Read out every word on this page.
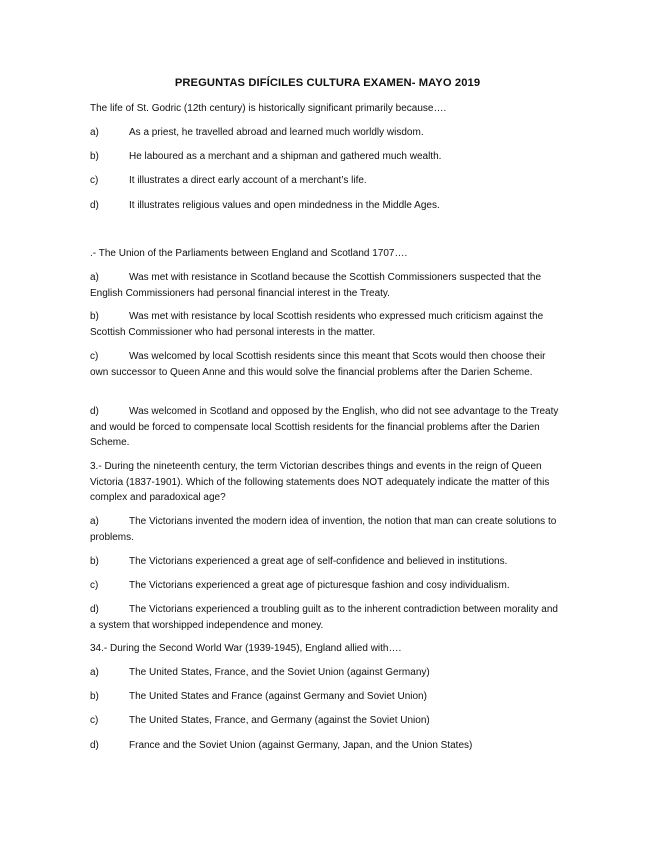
PREGUNTAS DIFÍCILES CULTURA EXAMEN- MAYO 2019
The life of St. Godric (12th century) is historically significant primarily because….
a)	As a priest, he travelled abroad and learned much worldly wisdom.
b)	He laboured as a merchant and a shipman and gathered much wealth.
c)	It illustrates a direct early account of a merchant’s life.
d)	It illustrates religious values and open mindedness in the Middle Ages.
.- The Union of the Parliaments between England and Scotland 1707….
a)	Was met with resistance in Scotland because the Scottish Commissioners suspected that the English Commissioners had personal financial interest in the Treaty.
b)	Was met with resistance by local Scottish residents who expressed much criticism against the Scottish Commissioner who had personal interests in the matter.
c)	Was welcomed by local Scottish residents since this meant that Scots would then choose their own successor to Queen Anne and this would solve the financial problems after the Darien Scheme.
d)	Was welcomed in Scotland and opposed by the English, who did not see advantage to the Treaty and would be forced to compensate local Scottish residents for the financial problems after the Darien Scheme.
3.- During the nineteenth century, the term Victorian describes things and events in the reign of Queen Victoria (1837-1901). Which of the following statements does NOT adequately indicate the matter of this complex and paradoxical age?
a)	The Victorians invented the modern idea of invention, the notion that man can create solutions to problems.
b)	The Victorians experienced a great age of self-confidence and believed in institutions.
c)	The Victorians experienced a great age of picturesque fashion and cosy individualism.
d)	The Victorians experienced a troubling guilt as to the inherent contradiction between morality and a system that worshipped independence and money.
34.- During the Second World War (1939-1945), England allied with….
a)	The United States, France, and the Soviet Union (against Germany)
b)	The United States and France (against Germany and Soviet Union)
c)	The United States, France, and Germany (against the Soviet Union)
d)	France and the Soviet Union (against Germany, Japan, and the Union States)
